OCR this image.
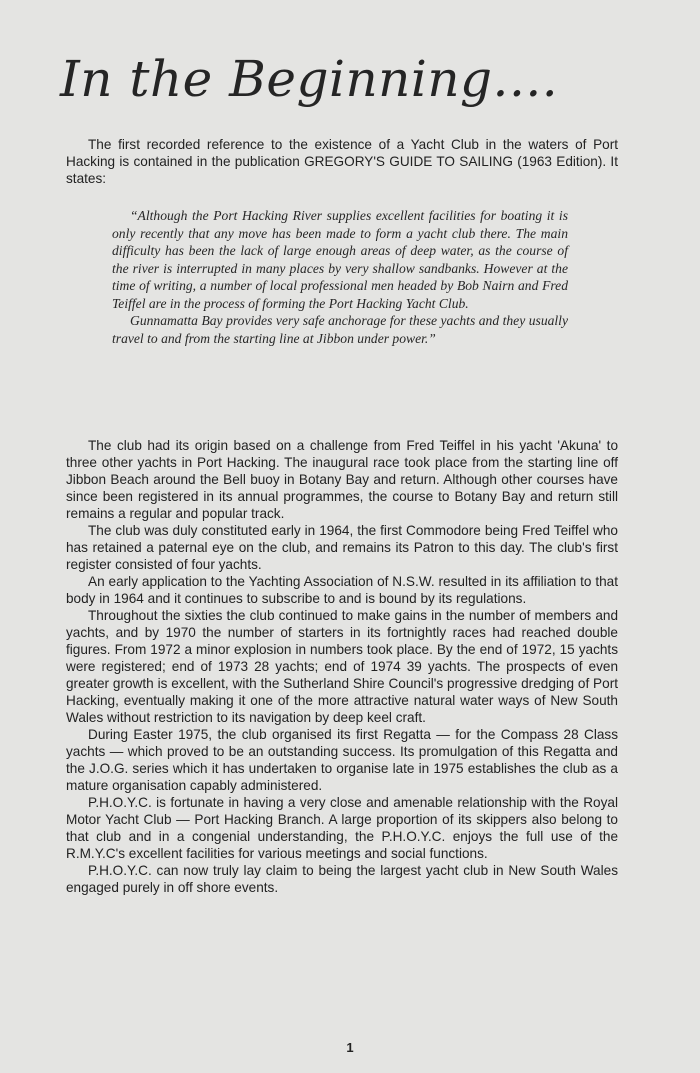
In the Beginning....

The first recorded reference to the existence of a Yacht Club in the waters of Port Hacking is contained in the publication GREGORY'S GUIDE TO SAILING (1963 Edition). It states:

“Although the Port Hacking River supplies excellent facilities for boating it is only recently that any move has been made to form a yacht club there. The main difficulty has been the lack of large enough areas of deep water, as the course of the river is interrupted in many places by very shallow sandbanks. However at the time of writing, a number of local professional men headed by Bob Nairn and Fred Teiffel are in the process of forming the Port Hacking Yacht Club.

Gunnamatta Bay provides very safe anchorage for these yachts and they usually travel to and from the starting line at Jibbon under power.”

The club had its origin based on a challenge from Fred Teiffel in his yacht 'Akuna' to three other yachts in Port Hacking. The inaugural race took place from the starting line off Jibbon Beach around the Bell buoy in Botany Bay and return. Although other courses have since been registered in its annual programmes, the course to Botany Bay and return still remains a regular and popular track.

The club was duly constituted early in 1964, the first Commodore being Fred Teiffel who has retained a paternal eye on the club, and remains its Patron to this day. The club's first register consisted of four yachts.

An early application to the Yachting Association of N.S.W. resulted in its affiliation to that body in 1964 and it continues to subscribe to and is bound by its regulations.

Throughout the sixties the club continued to make gains in the number of members and yachts, and by 1970 the number of starters in its fortnightly races had reached double figures. From 1972 a minor explosion in numbers took place. By the end of 1972, 15 yachts were registered; end of 1973 28 yachts; end of 1974 39 yachts. The prospects of even greater growth is excellent, with the Sutherland Shire Council's progressive dredging of Port Hacking, eventually making it one of the more attractive natural water ways of New South Wales without restriction to its navigation by deep keel craft.

During Easter 1975, the club organised its first Regatta — for the Compass 28 Class yachts — which proved to be an outstanding success. Its promulgation of this Regatta and the J.O.G. series which it has undertaken to organise late in 1975 establishes the club as a mature organisation capably administered.

P.H.O.Y.C. is fortunate in having a very close and amenable relationship with the Royal Motor Yacht Club — Port Hacking Branch. A large proportion of its skippers also belong to that club and in a congenial understanding, the P.H.O.Y.C. enjoys the full use of the R.M.Y.C's excellent facilities for various meetings and social functions.

P.H.O.Y.C. can now truly lay claim to being the largest yacht club in New South Wales engaged purely in off shore events.

1
